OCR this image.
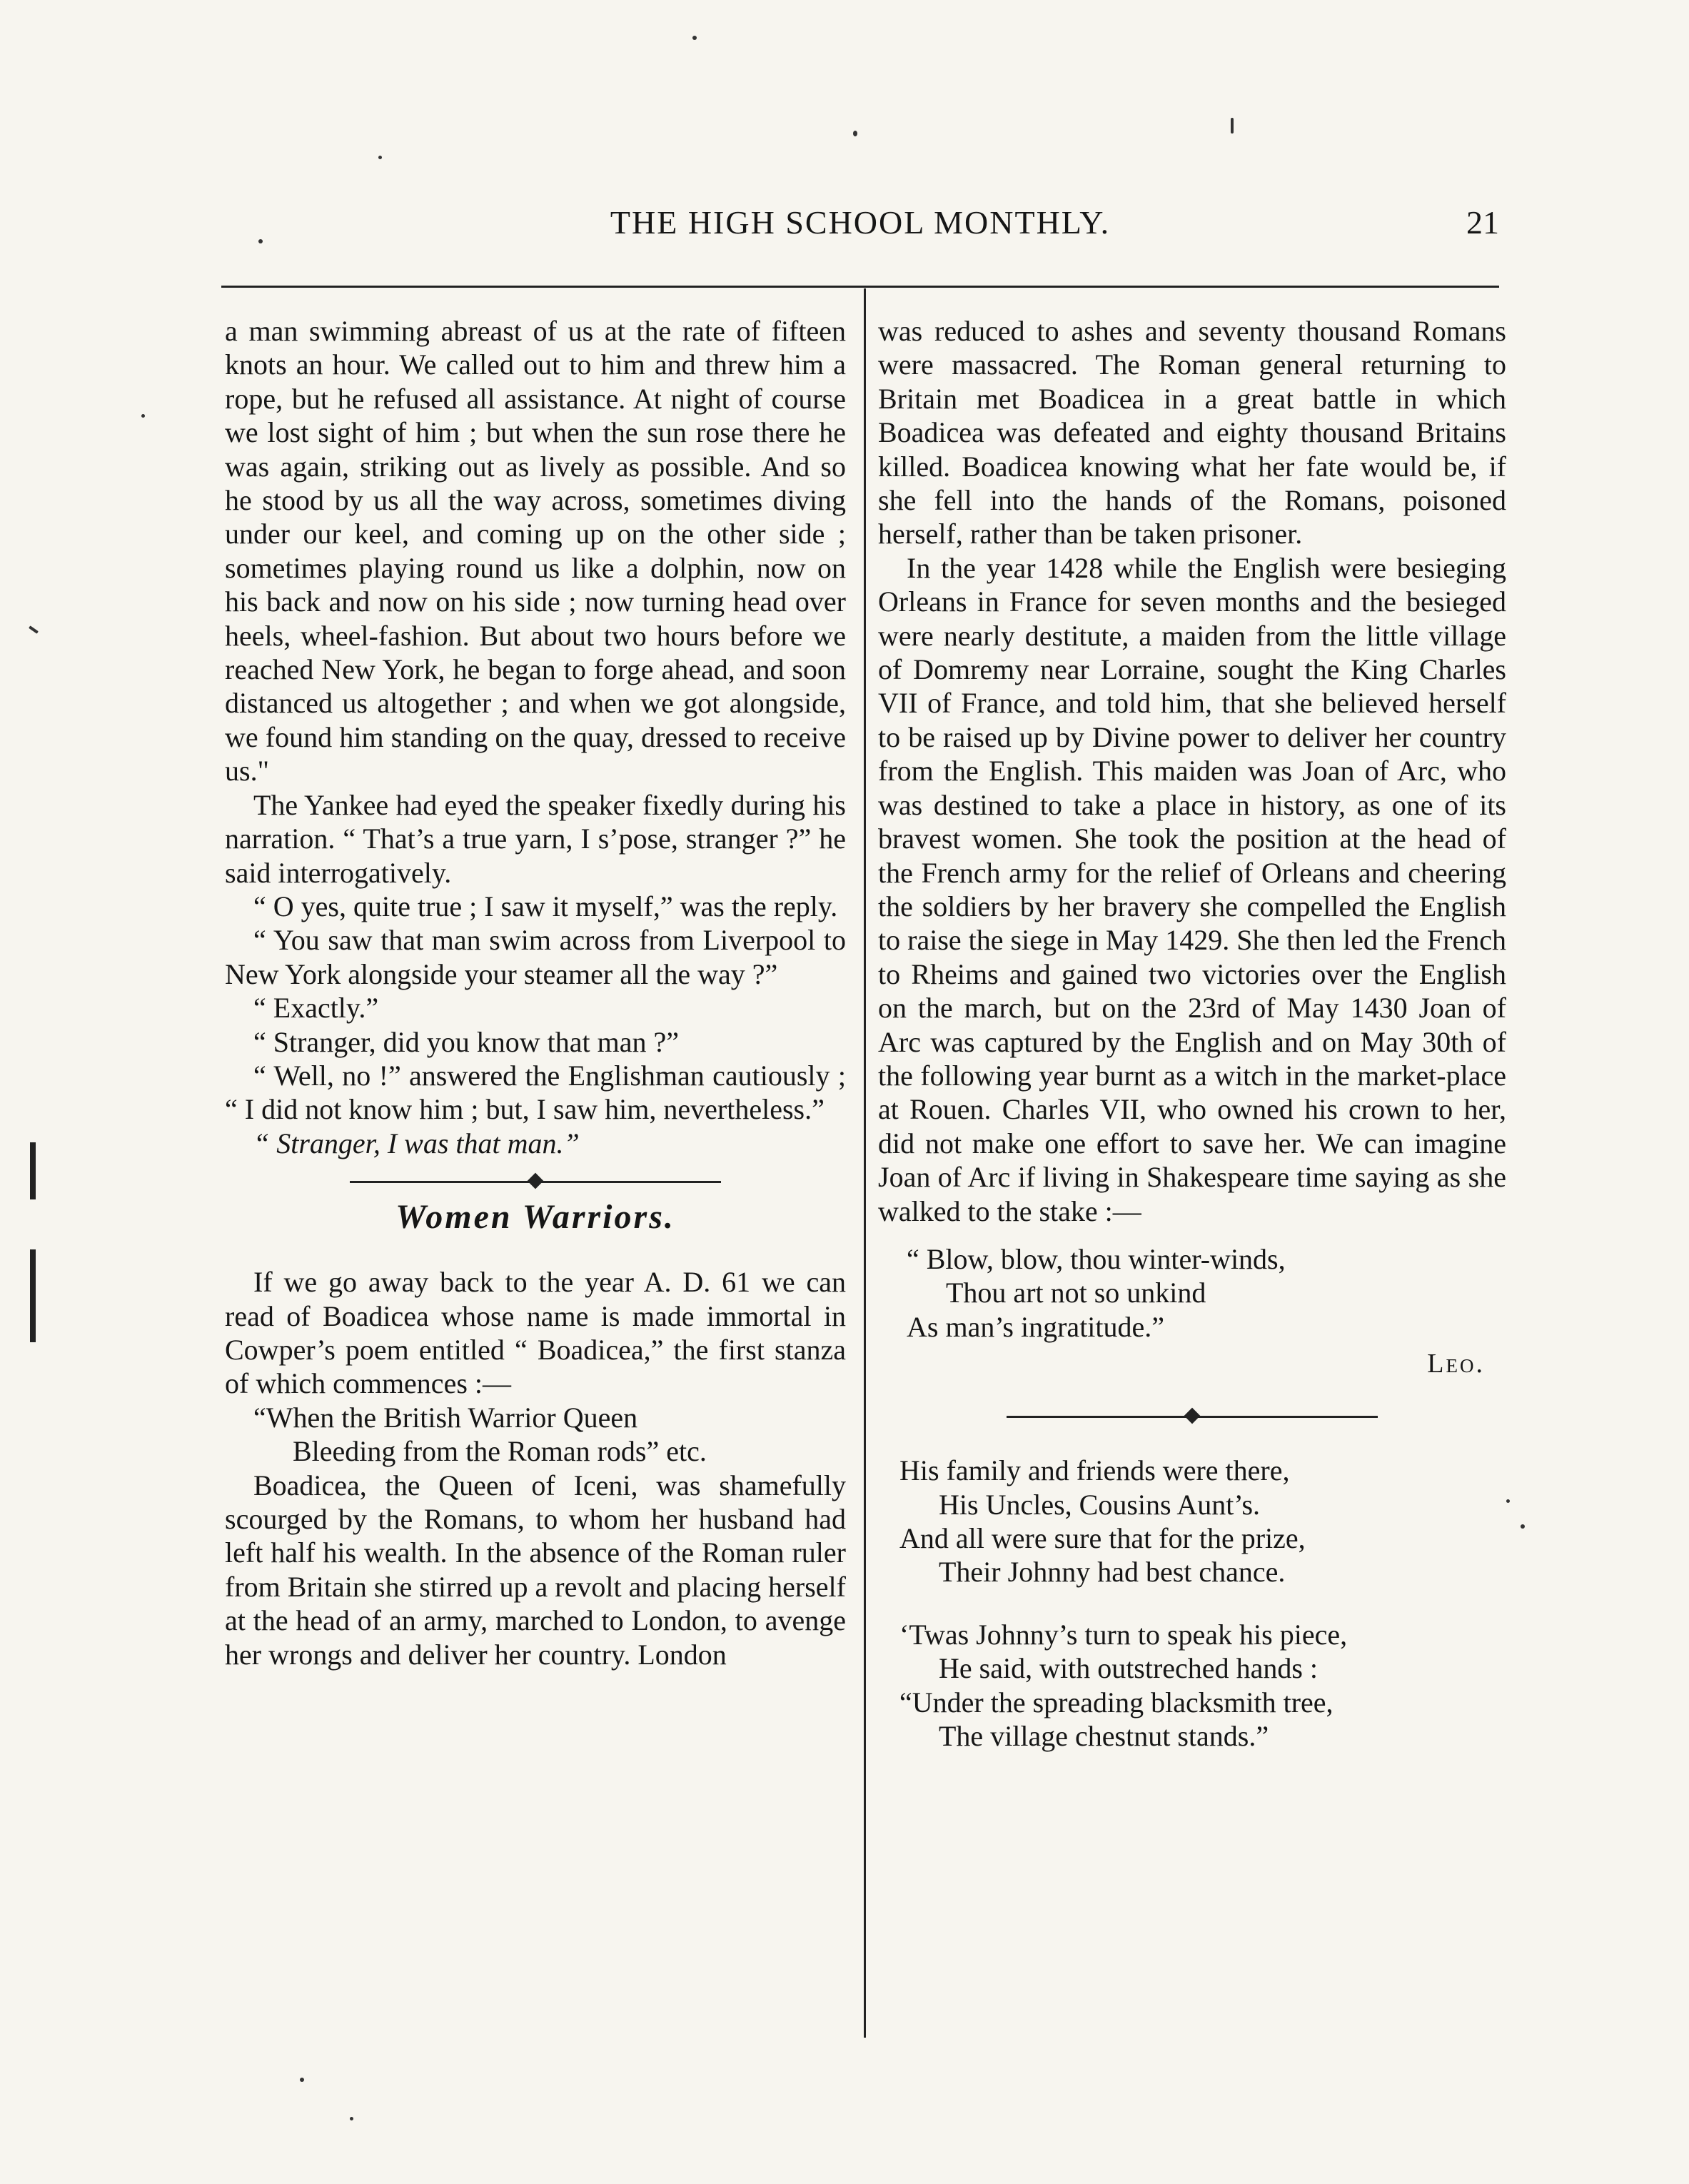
THE HIGH SCHOOL MONTHLY.	21

a man swimming abreast of us at the rate of fifteen knots an hour. We called out to him and threw him a rope, but he refused all assistance. At night of course we lost sight of him ; but when the sun rose there he was again, striking out as lively as possible. And so he stood by us all the way across, sometimes diving under our keel, and coming up on the other side ; sometimes playing round us like a dolphin, now on his back and now on his side ; now turning head over heels, wheel-fashion. But about two hours before we reached New York, he began to forge ahead, and soon distanced us altogether ; and when we got alongside, we found him standing on the quay, dressed to receive us."

The Yankee had eyed the speaker fixedly during his narration. “ That’s a true yarn, I s’pose, stranger ?” he said interrogatively.

“ O yes, quite true ; I saw it myself,” was the reply.

“ You saw that man swim across from Liverpool to New York alongside your steamer all the way ?”

“ Exactly.”

“ Stranger, did you know that man ?”

“ Well, no !” answered the Englishman cautiously ; “ I did not know him ; but, I saw him, nevertheless.”

“ Stranger, I was that man.”

Women Warriors.

If we go away back to the year A. D. 61 we can read of Boadicea whose name is made immortal in Cowper’s poem entitled “ Boadicea,” the first stanza of which commences :—

“When the British Warrior Queen
Bleeding from the Roman rods” etc.

Boadicea, the Queen of Iceni, was shamefully scourged by the Romans, to whom her husband had left half his wealth. In the absence of the Roman ruler from Britain she stirred up a revolt and placing herself at the head of an army, marched to London, to avenge her wrongs and deliver her country. London

was reduced to ashes and seventy thousand Romans were massacred. The Roman general returning to Britain met Boadicea in a great battle in which Boadicea was defeated and eighty thousand Britains killed. Boadicea knowing what her fate would be, if she fell into the hands of the Romans, poisoned herself, rather than be taken prisoner.

In the year 1428 while the English were besieging Orleans in France for seven months and the besieged were nearly destitute, a maiden from the little village of Domremy near Lorraine, sought the King Charles VII of France, and told him, that she believed herself to be raised up by Divine power to deliver her country from the English. This maiden was Joan of Arc, who was destined to take a place in history, as one of its bravest women. She took the position at the head of the French army for the relief of Orleans and cheering the soldiers by her bravery she compelled the English to raise the siege in May 1429. She then led the French to Rheims and gained two victories over the English on the march, but on the 23rd of May 1430 Joan of Arc was captured by the English and on May 30th of the following year burnt as a witch in the market-place at Rouen. Charles VII, who owned his crown to her, did not make one effort to save her. We can imagine Joan of Arc if living in Shakespeare time saying as she walked to the stake :—

“ Blow, blow, thou winter-winds,
Thou art not so unkind
As man’s ingratitude.”
Leo.
His family and friends were there,
His Uncles, Cousins Aunt’s.
And all were sure that for the prize,
Their Johnny had best chance.
‘Twas Johnny’s turn to speak his piece,
He said, with outstreched hands :
“Under the spreading blacksmith tree,
The village chestnut stands.”
